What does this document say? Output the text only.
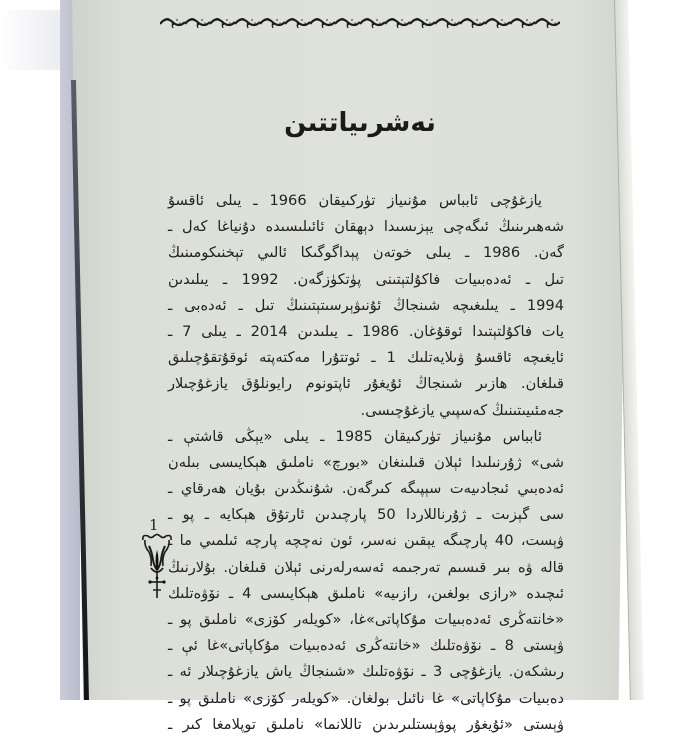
نەشرىياتتىن
يازغۇچى ئابباس مۇنىياز تۈركىيقان 1966 ـ يىلى ئاقسۇ
شەھىرىنىڭ ئىگەچى يېزىسىدا دېھقان ئائىلىسىدە دۇنياغا كەل ـ
گەن. 1986 ـ يىلى خوتەن پېداگوگىكا ئالىي تېخنىكومىنىڭ
تىل ـ ئەدەبىيات فاكۇلتېتىنى پۈتكۈزگەن. 1992 ـ يىلىدىن
1994 ـ يىلىغىچە شىنجاڭ ئۇنىۋېرسىتېتىنىڭ تىل ـ ئەدەبى ـ
يات فاكۇلتېتىدا ئوقۇغان. 1986 ـ يىلىدىن 2014 ـ يىلى 7 ـ
ئايغىچە ئاقسۇ ۋىلايەتلىك 1 ـ ئوتتۇرا مەكتەپتە ئوقۇتقۇچىلىق
قىلغان. ھازىر شىنجاڭ ئۇيغۇر ئاپتونوم رايونلۇق يازغۇچىلار
جەمئىيىتىنىڭ كەسپىي يازغۇچىسى.
ئابباس مۇنىياز تۈركىيقان 1985 ـ يىلى «يېڭى قاشتې ـ
شى» ژۇرنىلىدا ئېلان قىلىنغان «بورچ» ناملىق ھېكايىسى بىلەن
ئەدەبىي ئىجادىيەت سېپىگە كىرگەن. شۇنىڭدىن بۇيان ھەرقاي ـ
سى گېزىت ـ ژۇرناللاردا 50 پارچىدىن ئارتۇق ھېكايە ـ پو ـ
ۋېست، 40 پارچىگە يېقىن نەسر، ئون نەچچە پارچە ئىلمىي ما ـ
قالە ۋە بىر قىسىم تەرجىمە ئەسەرلەرنى ئېلان قىلغان. بۇلارنىڭ
ئىچىدە «رازى بولغىن، رازىيە» ناملىق ھېكايىسى 4 ـ نۆۋەتلىك
«خانتەڭرى ئەدەبىيات مۇكاپاتى»غا، «كويلەر كۆزى» ناملىق پو ـ
ۋېستى 8 ـ نۆۋەتلىك «خانتەڭرى ئەدەبىيات مۇكاپاتى»غا ئې ـ
رىشكەن. يازغۇچى 3 ـ نۆۋەتلىك «شىنجاڭ ياش يازغۇچىلار ئە ـ
دەبىيات مۇكاپاتى» غا نائىل بولغان. «كويلەر كۆزى» ناملىق پو ـ
ۋېستى «ئۇيغۇر پوۋېستلىرىدىن تاللانما» ناملىق توپلامغا كىر ـ
1
